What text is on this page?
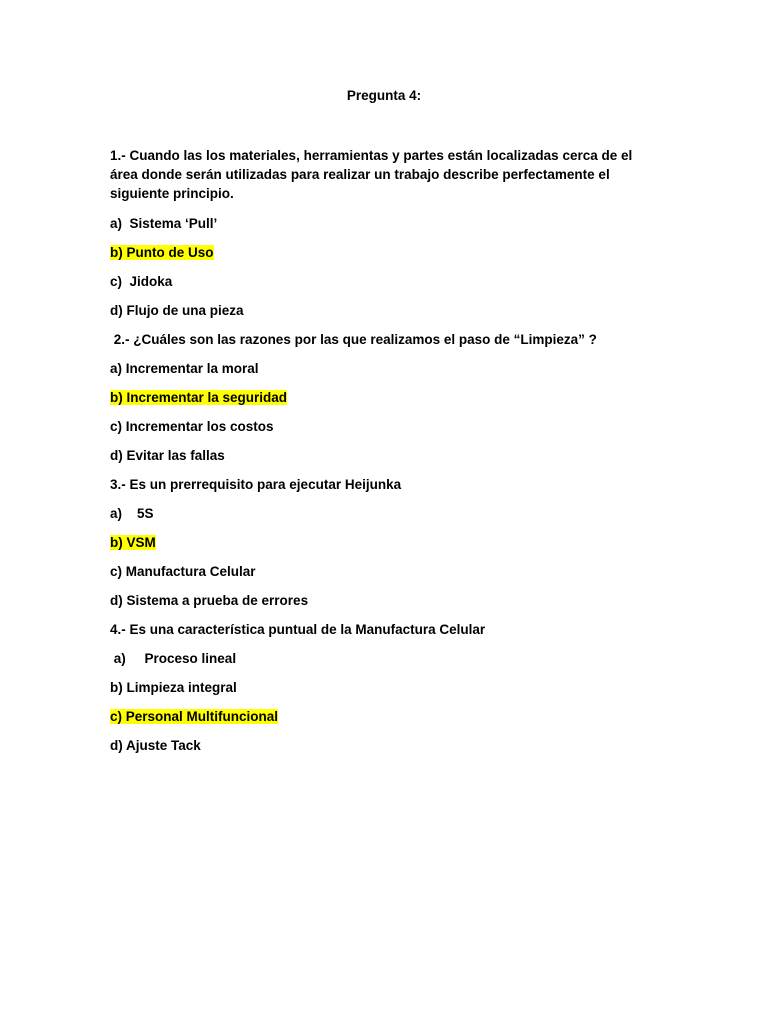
Pregunta 4:
1.- Cuando las los materiales, herramientas y partes están localizadas cerca de el área donde serán utilizadas para realizar un trabajo describe perfectamente el siguiente principio.
a)  Sistema ‘Pull’
b) Punto de Uso
c)  Jidoka
d) Flujo de una pieza
2.- ¿Cuáles son las razones por las que realizamos el paso de “Limpieza” ?
a) Incrementar la moral
b) Incrementar la seguridad
c) Incrementar los costos
d) Evitar las fallas
3.- Es un prerrequisito para ejecutar Heijunka
a)    5S
b) VSM
c) Manufactura Celular
d) Sistema a prueba de errores
4.- Es una característica puntual de la Manufactura Celular
a)     Proceso lineal
b) Limpieza integral
c) Personal Multifuncional
d) Ajuste Tack
